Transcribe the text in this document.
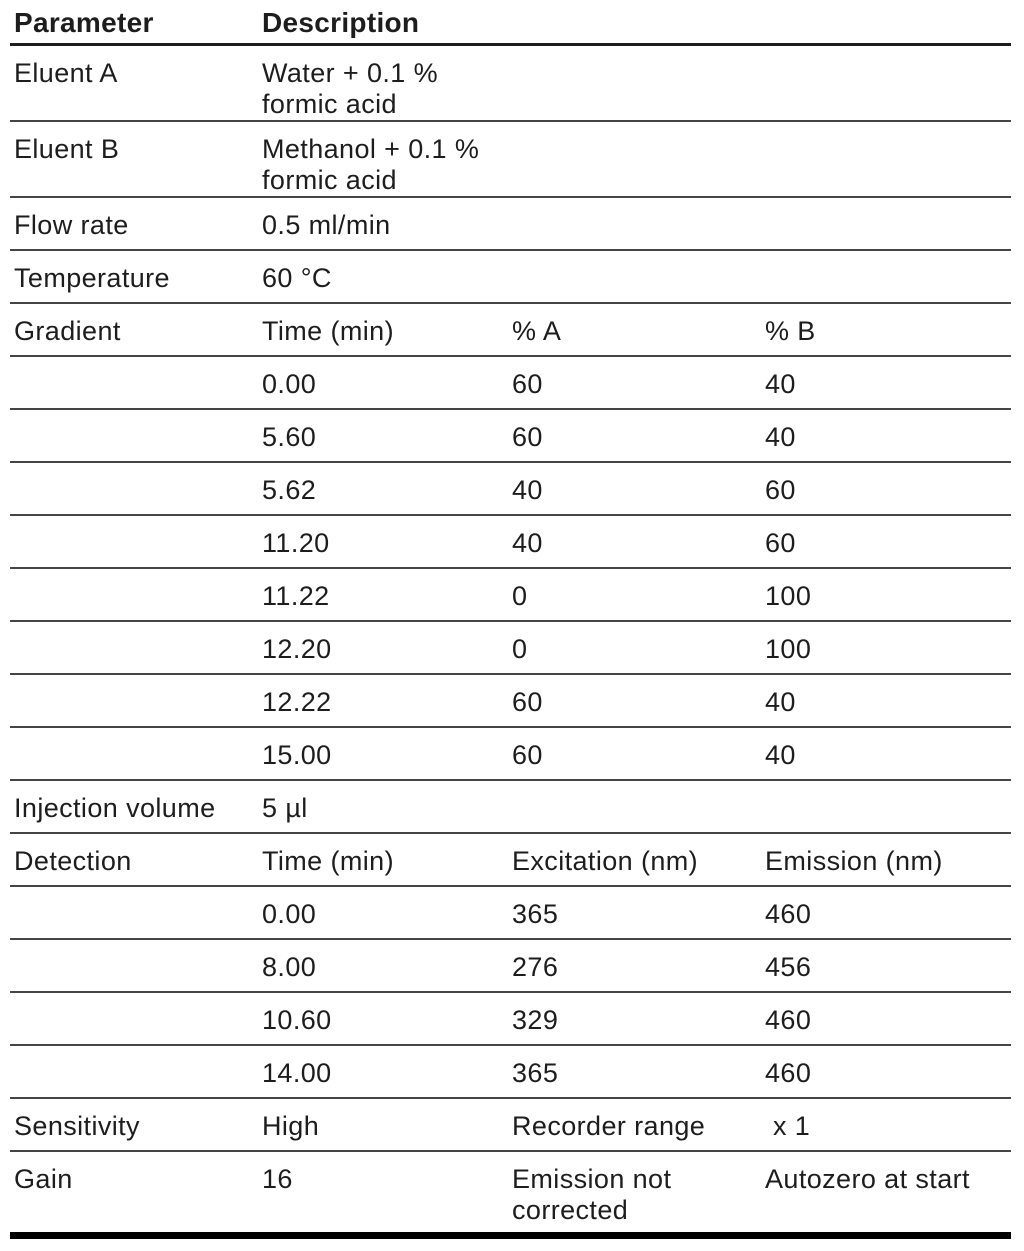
Parameter	Description		
Eluent A	Water + 0.1 % formic acid		
Eluent B	Methanol + 0.1 % formic acid		
Flow rate	0.5 ml/min		
Temperature	60 °C		
Gradient	Time (min)	% A	% B
	0.00	60	40
	5.60	60	40
	5.62	40	60
	11.20	40	60
	11.22	0	100
	12.20	0	100
	12.22	60	40
	15.00	60	40
Injection volume	5 µl		
Detection	Time (min)	Excitation (nm)	Emission (nm)
	0.00	365	460
	8.00	276	456
	10.60	329	460
	14.00	365	460
Sensitivity	High	Recorder range	x 1
Gain	16	Emission not corrected	Autozero at start
